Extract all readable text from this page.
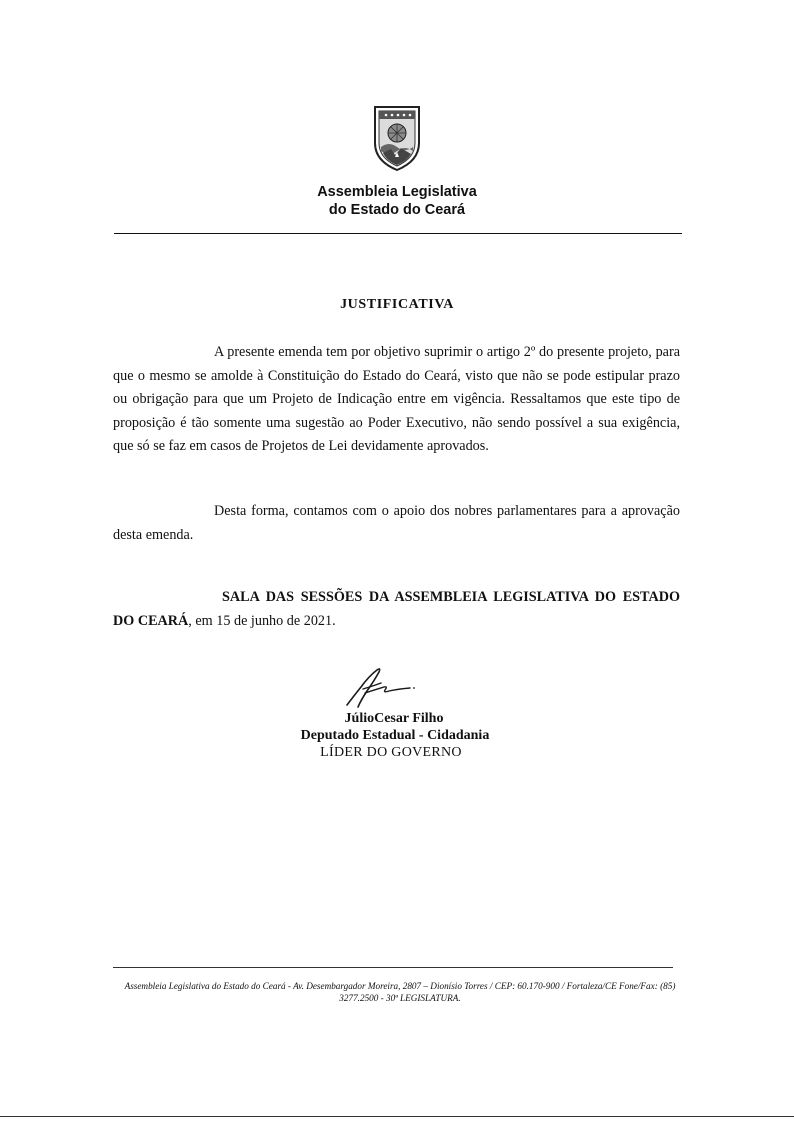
Assembleia Legislativa
do Estado do Ceará
JUSTIFICATIVA

A presente emenda tem por objetivo suprimir o artigo 2º do presente projeto, para que o mesmo se amolde à Constituição do Estado do Ceará, visto que não se pode estipular prazo ou obrigação para que um Projeto de Indicação entre em vigência. Ressaltamos que este tipo de proposição é tão somente uma sugestão ao Poder Executivo, não sendo possível a sua exigência, que só se faz em casos de Projetos de Lei devidamente aprovados.

Desta forma, contamos com o apoio dos nobres parlamentares para a aprovação desta emenda.

SALA DAS SESSÕES DA ASSEMBLEIA LEGISLATIVA DO ESTADO DO CEARÁ, em 15 de junho de 2021.

JúlioCesar Filho
Deputado Estadual - Cidadania
LÍDER DO GOVERNO
Assembleia Legislativa do Estado do Ceará - Av. Desembargador Moreira, 2807 – Dionísio Torres / CEP: 60.170-900 / Fortaleza/CE Fone/Fax: (85)
3277.2500 - 30ª LEGISLATURA.
